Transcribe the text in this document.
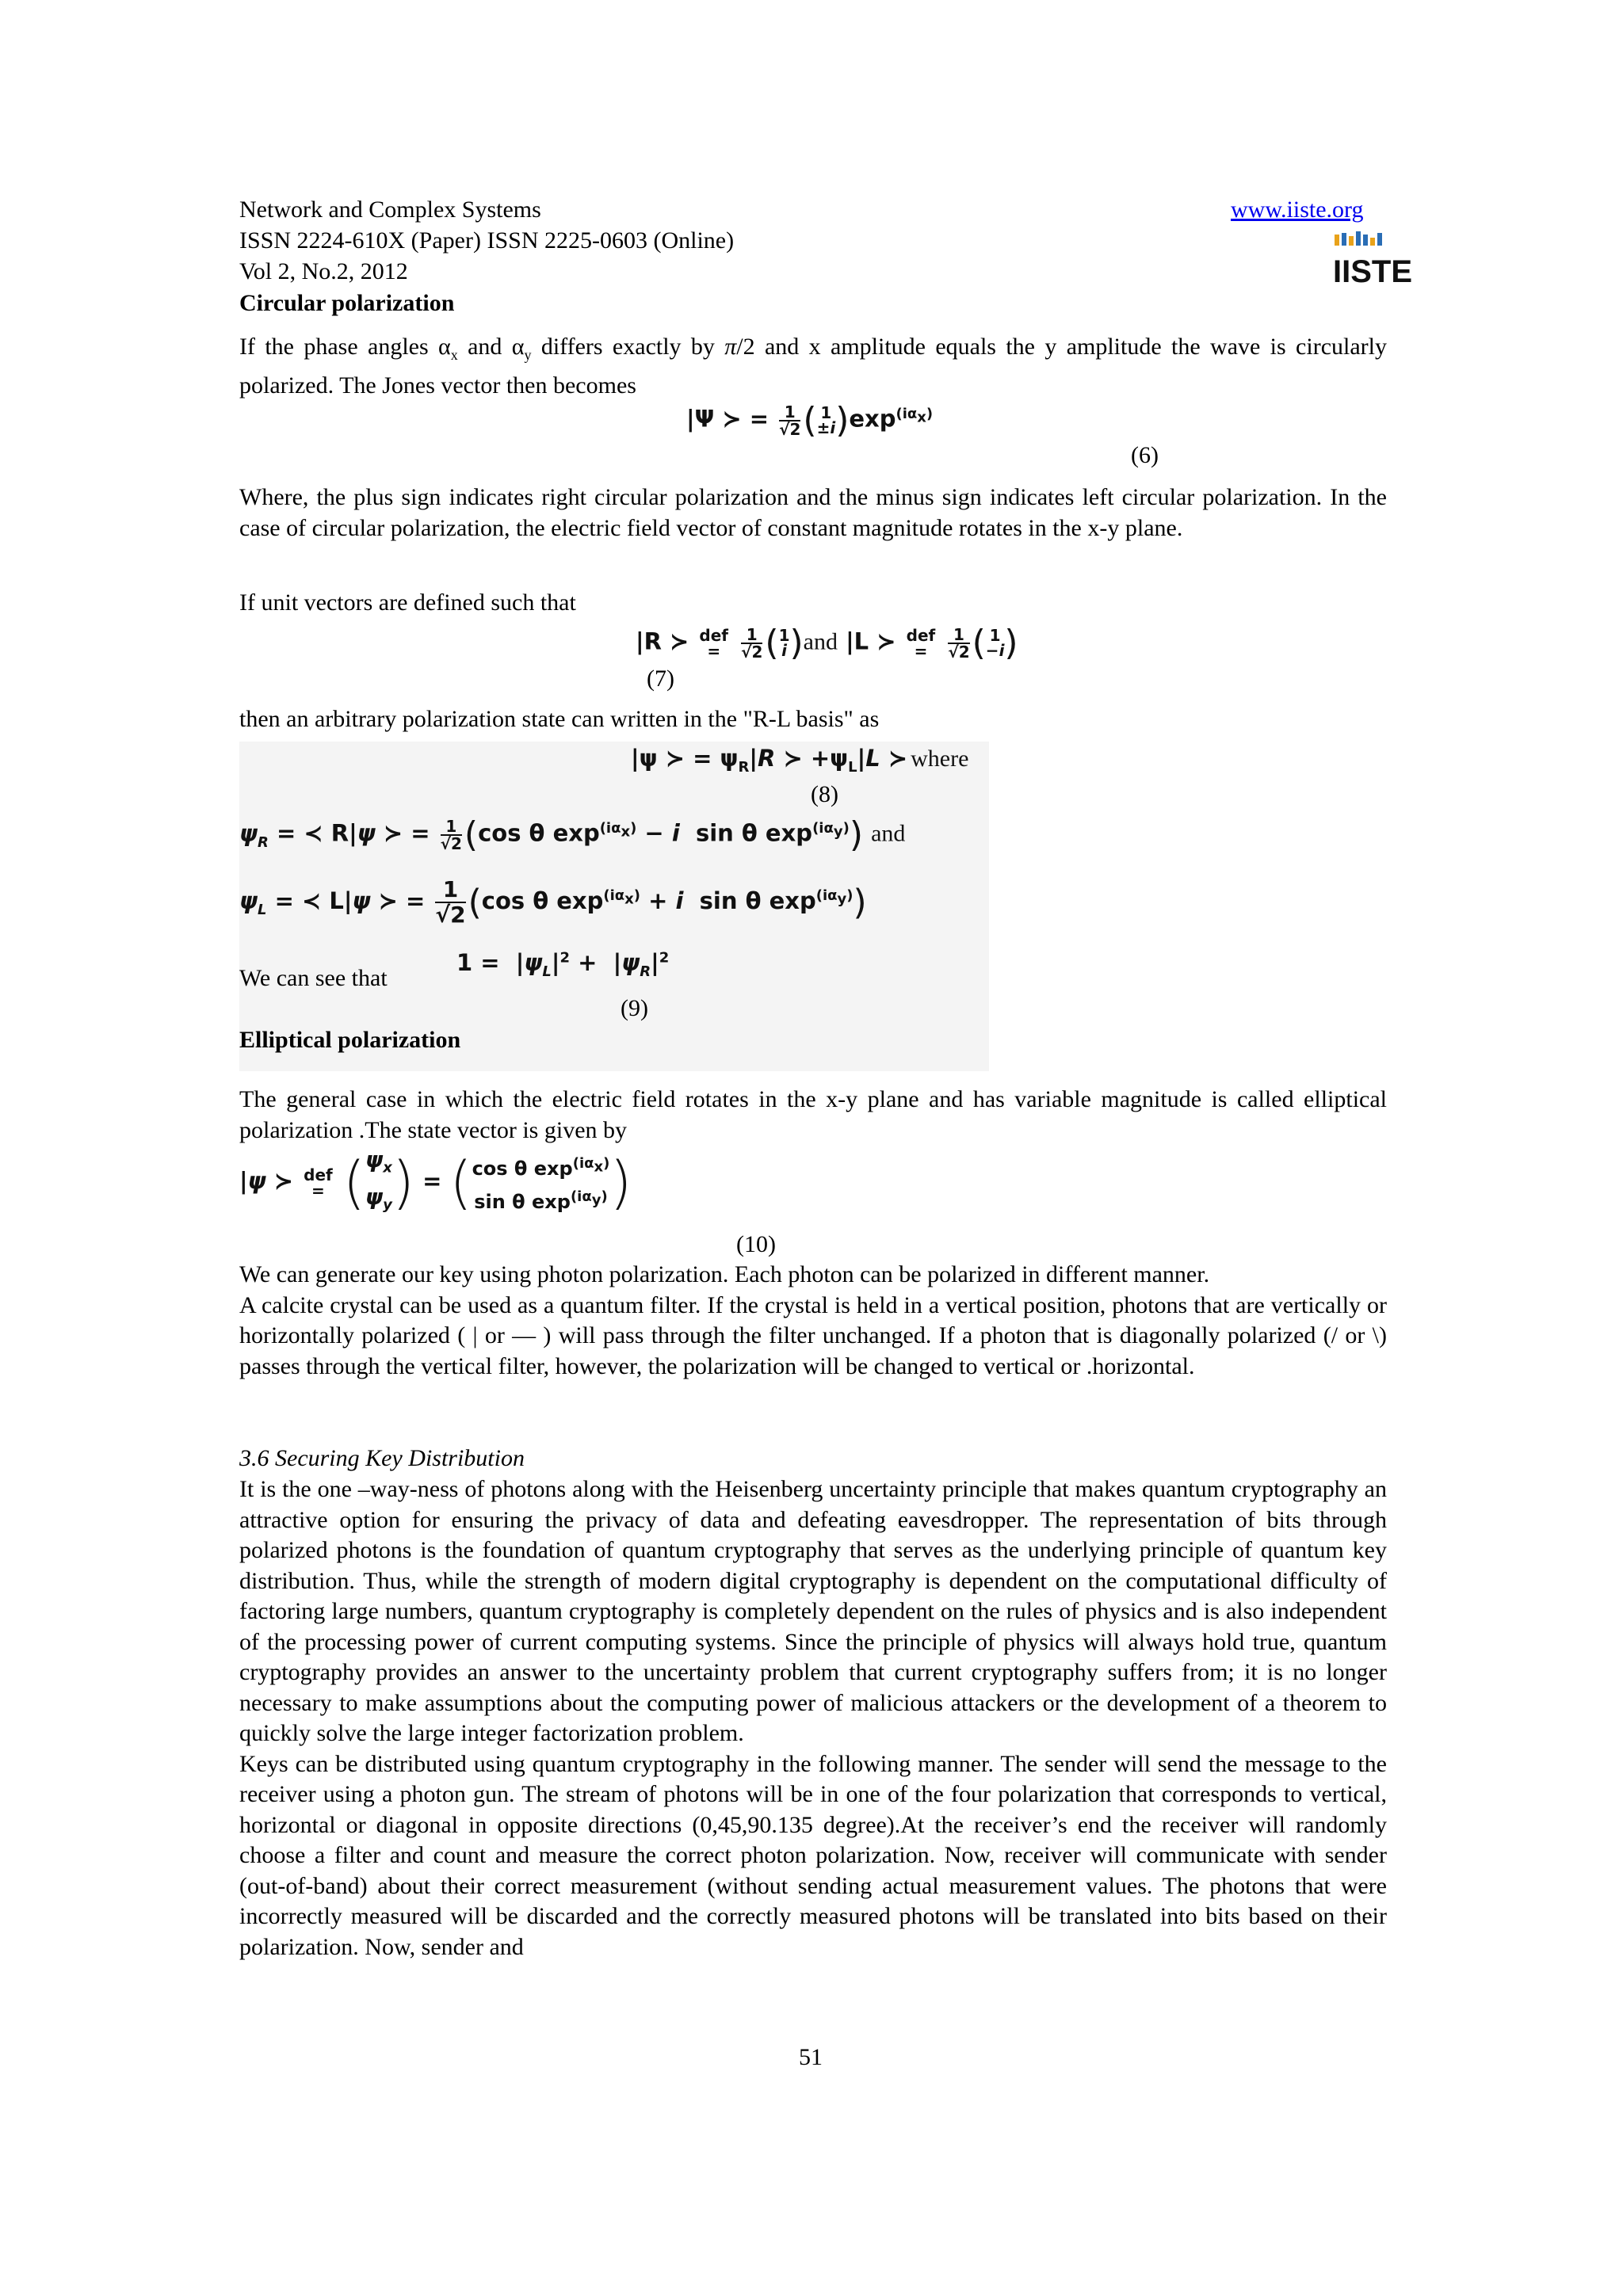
Network and Complex Systems
ISSN 2224-610X (Paper) ISSN 2225-0603 (Online)
Vol 2, No.2, 2012
www.iiste.org
IISTE
Circular polarization

If the phase angles $\alpha_x$ and $\alpha_y$ differs exactly by π/2 and x amplitude equals the y amplitude the wave is circularly polarized. The Jones vector then becomes

|Ψ ≻ = $\frac{1}{√2}$ ( 1
±i )$\exp^{(i\alpha_x)}$
(6)

Where, the plus sign indicates right circular polarization and the minus sign indicates left circular polarization. In the case of circular polarization, the electric field vector of constant magnitude rotates in the x-y plane.

If unit vectors are defined such that
|R ≻ def
=
	$\frac{1}{√2}$ ( 1
i )and |L ≻ def
=
	$\frac{1}{√2}$ ( 1
−i )
(7)
then an arbitrary polarization state can written in the "R-L basis" as
|ψ ≻ = $\psi_R|R$ ≻ $+\psi_L|L$ ≻ where
(8)
$\psi_R$ = ≺ R|ψ ≻ = $\frac{1}{√2} (\cos$ θ $\exp^{(i\alpha_x)} - i$  sin θ $\exp^{(i\alpha_y)}$) and
$\psi_L$ = ≺ L|ψ ≻ = $\frac{1}{√2} (\cos$ θ $\exp^{(i\alpha_x)} + i$  sin θ $\exp^{(i\alpha_y)}$)
We can see that
$1 = |\psi_L|^2 + |\psi_R|^2$
(9)
Elliptical polarization

The general case in which the electric field rotates in the x-y plane and has variable magnitude is called elliptical polarization .The state vector is given by

|ψ ≻ def
= ( $\psi_x$
$\psi_y$ ) = ( cos θ $\exp^{(i\alpha_x)}$
sin θ $\exp^{(i\alpha_y)}$ )
(10)

We can generate our key using photon polarization. Each photon can be polarized in different manner.

A calcite crystal can be used as a quantum filter. If the crystal is held in a vertical position, photons that are vertically or horizontally polarized ( | or — ) will pass through the filter unchanged. If a photon that is diagonally polarized (/ or \) passes through the vertical filter, however, the polarization will be changed to vertical or .horizontal.

3.6 Securing Key Distribution

It is the one –way-ness of photons along with the Heisenberg uncertainty principle that makes quantum cryptography an attractive option for ensuring the privacy of data and defeating eavesdropper. The representation of bits through polarized photons is the foundation of quantum cryptography that serves as the underlying principle of quantum key distribution. Thus, while the strength of modern digital cryptography is dependent on the computational difficulty of factoring large numbers, quantum cryptography is completely dependent on the rules of physics and is also independent of the processing power of current computing systems. Since the principle of physics will always hold true, quantum cryptography provides an answer to the uncertainty problem that current cryptography suffers from; it is no longer necessary to make assumptions about the computing power of malicious attackers or the development of a theorem to quickly solve the large integer factorization problem.

Keys can be distributed using quantum cryptography in the following manner. The sender will send the message to the receiver using a photon gun. The stream of photons will be in one of the four polarization that corresponds to vertical, horizontal or diagonal in opposite directions (0,45,90.135 degree).At the receiver’s end the receiver will randomly choose a filter and count and measure the correct photon polarization. Now, receiver will communicate with sender (out-of-band) about their correct measurement (without sending actual measurement values. The photons that were incorrectly measured will be discarded and the correctly measured photons will be translated into bits based on their polarization. Now, sender and

51
